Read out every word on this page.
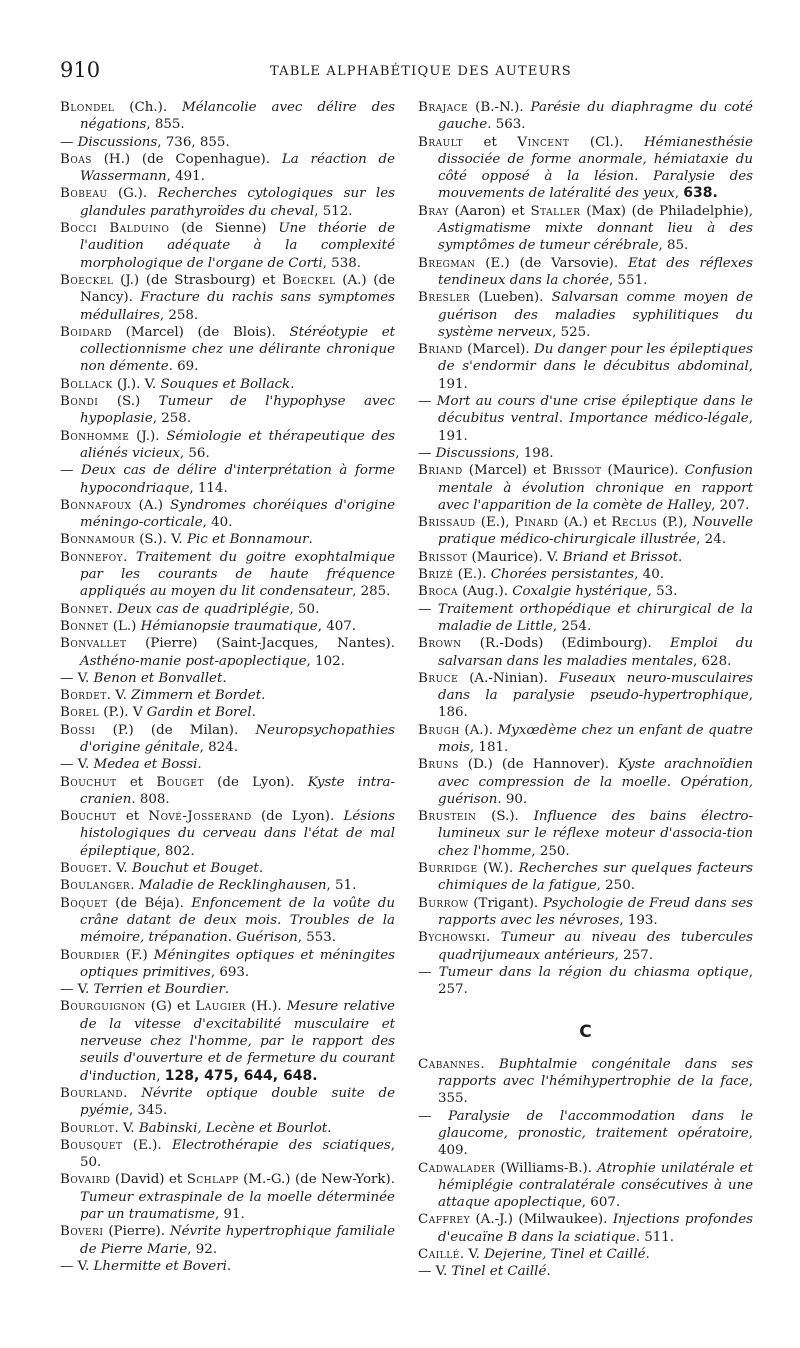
910	TABLE ALPHABÉTIQUE DES AUTEURS

Blondel (Ch.). Mélancolie avec délire des négations, 855.

— Discussions, 736, 855.

Boas (H.) (de Copenhague). La réaction de Wassermann, 491.

Bobeau (G.). Recherches cytologiques sur les glandules parathyroïdes du cheval, 512.

Bocci Balduino (de Sienne) Une théorie de l'audition adéquate à la complexité morphologique de l'organe de Corti, 538.

Boeckel (J.) (de Strasbourg) et Boeckel (A.) (de Nancy). Fracture du rachis sans symptomes médullaires, 258.

Boidard (Marcel) (de Blois). Stéréotypie et collectionnisme chez une délirante chronique non démente. 69.

Bollack (J.). V. Souques et Bollack.

Bondi (S.) Tumeur de l'hypophyse avec hypoplasie, 258.

Bonhomme (J.). Sémiologie et thérapeutique des aliénés vicieux, 56.

— Deux cas de délire d'interprétation à forme hypocondriaque, 114.

Bonnafoux (A.) Syndromes choréiques d'origine méningo-corticale, 40.

Bonnamour (S.). V. Pic et Bonnamour.

Bonnefoy. Traitement du goitre exophtalmique par les courants de haute fréquence appliqués au moyen du lit condensateur, 285.

Bonnet. Deux cas de quadriplégie, 50.

Bonnet (L.) Hémianopsie traumatique, 407.

Bonvallet (Pierre) (Saint-Jacques, Nantes). Asthéno-manie post-apoplectique, 102.

— V. Benon et Bonvallet.

Bordet. V. Zimmern et Bordet.

Borel (P.). V Gardin et Borel.

Bossi (P.) (de Milan). Neuropsychopathies d'origine génitale, 824.

— V. Medea et Bossi.

Bouchut et Bouget (de Lyon). Kyste intra-cranien. 808.

Bouchut et Nové-Josserand (de Lyon). Lésions histologiques du cerveau dans l'état de mal épileptique, 802.

Bouget. V. Bouchut et Bouget.

Boulanger. Maladie de Recklinghausen, 51.

Boquet (de Béja). Enfoncement de la voûte du crâne datant de deux mois. Troubles de la mémoire, trépanation. Guérison, 553.

Bourdier (F.) Méningites optiques et méningites optiques primitives, 693.

— V. Terrien et Bourdier.

Bourguignon (G) et Laugier (H.). Mesure relative de la vitesse d'excitabilité musculaire et nerveuse chez l'homme, par le rapport des seuils d'ouverture et de fermeture du courant d'induction, 128, 475, 644, 648.

Bourland. Névrite optique double suite de pyémie, 345.

Bourlot. V. Babinski, Lecène et Bourlot.

Bousquet (E.). Electrothérapie des sciatiques, 50.

Bovaird (David) et Schlapp (M.-G.) (de New-York). Tumeur extraspinale de la moelle déterminée par un traumatisme, 91.

Boveri (Pierre). Névrite hypertrophique familiale de Pierre Marie, 92.

— V. Lhermitte et Boveri.

Brajace (B.-N.). Parésie du diaphragme du coté gauche. 563.

Brault et Vincent (Cl.). Hémianesthésie dissociée de forme anormale, hémiataxie du côté opposé à la lésion. Paralysie des mouvements de latéralité des yeux, 638.

Bray (Aaron) et Staller (Max) (de Philadelphie), Astigmatisme mixte donnant lieu à des symptômes de tumeur cérébrale, 85.

Bregman (E.) (de Varsovie). Etat des réflexes tendineux dans la chorée, 551.

Bresler (Lueben). Salvarsan comme moyen de guérison des maladies syphilitiques du système nerveux, 525.

Briand (Marcel). Du danger pour les épileptiques de s'endormir dans le décubitus abdominal, 191.

— Mort au cours d'une crise épileptique dans le décubitus ventral. Importance médico-légale, 191.

— Discussions, 198.

Briand (Marcel) et Brissot (Maurice). Confusion mentale à évolution chronique en rapport avec l'apparition de la comète de Halley, 207.

Brissaud (E.), Pinard (A.) et Reclus (P.), Nouvelle pratique médico-chirurgicale illustrée, 24.

Brissot (Maurice). V. Briand et Brissot.

Brizé (E.). Chorées persistantes, 40.

Broca (Aug.). Coxalgie hystérique, 53.

— Traitement orthopédique et chirurgical de la maladie de Little, 254.

Brown (R.-Dods) (Edimbourg). Emploi du salvarsan dans les maladies mentales, 628.

Bruce (A.-Ninian). Fuseaux neuro-musculaires dans la paralysie pseudo-hypertrophique, 186.

Brugh (A.). Myxœdème chez un enfant de quatre mois, 181.

Bruns (D.) (de Hannover). Kyste arachnoïdien avec compression de la moelle. Opération, guérison. 90.

Brustein (S.). Influence des bains électro-lumineux sur le réflexe moteur d'associa-tion chez l'homme, 250.

Burridge (W.). Recherches sur quelques facteurs chimiques de la fatigue, 250.

Burrow (Trigant). Psychologie de Freud dans ses rapports avec les névroses, 193.

Bychowski. Tumeur au niveau des tubercules quadrijumeaux antérieurs, 257.

— Tumeur dans la région du chiasma optique, 257.

C

Cabannes. Buphtalmie congénitale dans ses rapports avec l'hémihypertrophie de la face, 355.

— Paralysie de l'accommodation dans le glaucome, pronostic, traitement opératoire, 409.

Cadwalader (Williams-B.). Atrophie unilatérale et hémiplégie contralatérale consécutives à une attaque apoplectique, 607.

Caffrey (A.-J.) (Milwaukee). Injections profondes d'eucaïne B dans la sciatique. 511.

Caillé. V. Dejerine, Tinel et Caillé.

— V. Tinel et Caillé.
